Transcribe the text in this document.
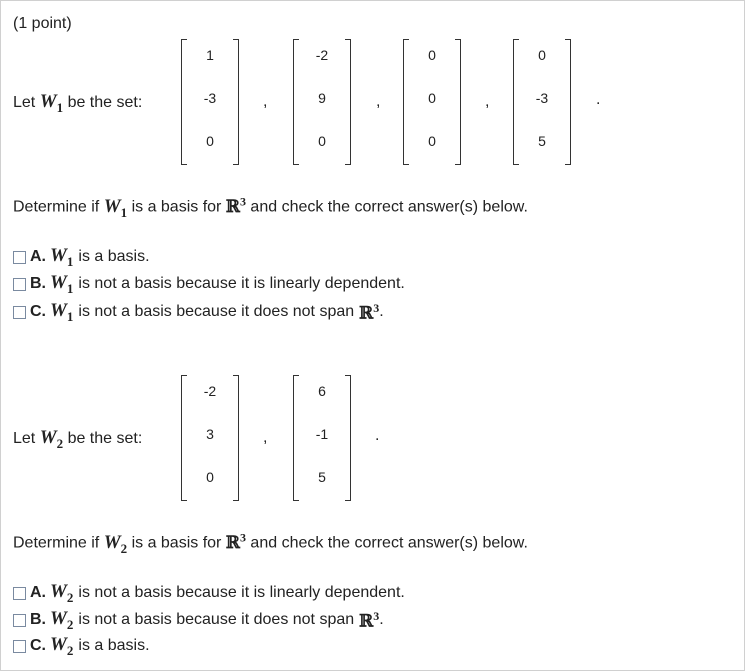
(1 point)
Let $W_1$ be the set:
1
-3
0
,
-2
9
0
,
0
0
0
,
0
-3
5
.
Determine if $W_1$ is a basis for ℝ$^3$ and check the correct answer(s) below.
A. $W_1$ is a basis.
B. $W_1$ is not a basis because it is linearly dependent.
C. $W_1$ is not a basis because it does not span ℝ$^3$ .
Let $W_2$ be the set:
-2
3
0
,
6
-1
5
.
Determine if $W_2$ is a basis for ℝ$^3$ and check the correct answer(s) below.
A. $W_2$ is not a basis because it is linearly dependent.
B. $W_2$ is not a basis because it does not span ℝ$^3$ .
C. $W_2$ is a basis.
